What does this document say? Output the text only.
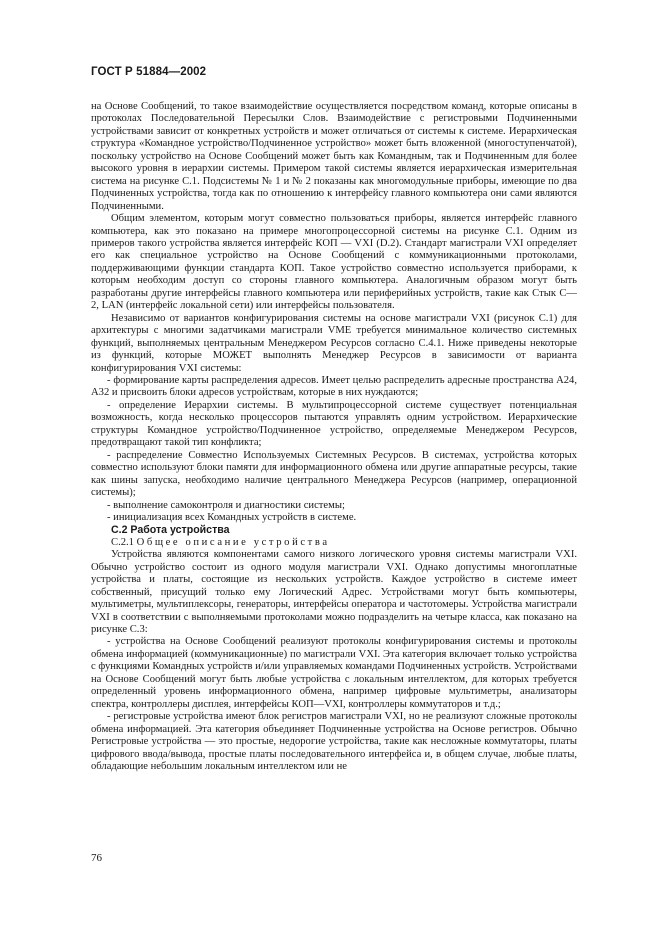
ГОСТ Р 51884—2002

на Основе Сообщений, то такое взаимодействие осуществляется посредством команд, которые описаны в протоколах Последовательной Пересылки Слов. Взаимодействие с регистровыми Подчиненными устройствами зависит от конкретных устройств и может отличаться от системы к системе. Иерархическая структура «Командное устройство/Подчиненное устройство» может быть вложенной (многоступенчатой), поскольку устройство на Основе Сообщений может быть как Командным, так и Подчиненным для более высокого уровня в иерархии системы. Примером такой системы является иерархическая измерительная система на рисунке С.1. Подсистемы № 1 и № 2 показаны как многомодульные приборы, имеющие по два Подчиненных устройства, тогда как по отношению к интерфейсу главного компьютера они сами являются Подчиненными.

Общим элементом, которым могут совместно пользоваться приборы, является интерфейс главного компьютера, как это показано на примере многопроцессорной системы на рисунке С.1. Одним из примеров такого устройства является интерфейс КОП — VXI (D.2). Стандарт магистрали VXI определяет его как специальное устройство на Основе Сообщений с коммуникационными протоколами, поддерживающими функции стандарта КОП. Такое устройство совместно используется приборами, к которым необходим доступ со стороны главного компьютера. Аналогичным образом могут быть разработаны другие интерфейсы главного компьютера или периферийных устройств, такие как Стык С—2, LAN (интерфейс локальной сети) или интерфейсы пользователя.

Независимо от вариантов конфигурирования системы на основе магистрали VXI (рисунок С.1) для архитектуры с многими задатчиками магистрали VME требуется минимальное количество системных функций, выполняемых центральным Менеджером Ресурсов согласно С.4.1. Ниже приведены некоторые из функций, которые МОЖЕТ выполнять Менеджер Ресурсов в зависимости от варианта конфигурирования VXI системы:

- формирование карты распределения адресов. Имеет целью распределить адресные пространства А24, А32 и присвоить блоки адресов устройствам, которые в них нуждаются;

- определение Иерархии системы. В мультипроцессорной системе существует потенциальная возможность, когда несколько процессоров пытаются управлять одним устройством. Иерархические структуры Командное устройство/Подчиненное устройство, определяемые Менеджером Ресурсов, предотвращают такой тип конфликта;

- распределение Совместно Используемых Системных Ресурсов. В системах, устройства которых совместно используют блоки памяти для информационного обмена или другие аппаратные ресурсы, такие как шины запуска, необходимо наличие центрального Менеджера Ресурсов (например, операционной системы);

- выполнение самоконтроля и диагностики системы;

- инициализация всех Командных устройств в системе.

С.2 Работа устройства

С.2.1 Общее описание устройства

Устройства являются компонентами самого низкого логического уровня системы магистрали VXI. Обычно устройство состоит из одного модуля магистрали VXI. Однако допустимы многоплатные устройства и платы, состоящие из нескольких устройств. Каждое устройство в системе имеет собственный, присущий только ему Логический Адрес. Устройствами могут быть компьютеры, мультиметры, мультиплексоры, генераторы, интерфейсы оператора и частотомеры. Устройства магистрали VXI в соответствии с выполняемыми протоколами можно подразделить на четыре класса, как показано на рисунке С.3:

- устройства на Основе Сообщений реализуют протоколы конфигурирования системы и протоколы обмена информацией (коммуникационные) по магистрали VXI. Эта категория включает только устройства с функциями Командных устройств и/или управляемых командами Подчиненных устройств. Устройствами на Основе Сообщений могут быть любые устройства с локальным интеллектом, для которых требуется определенный уровень информационного обмена, например цифровые мультиметры, анализаторы спектра, контроллеры дисплея, интерфейсы КОП—VXI, контроллеры коммутаторов и т.д.;

- регистровые устройства имеют блок регистров магистрали VXI, но не реализуют сложные протоколы обмена информацией. Эта категория объединяет Подчиненные устройства на Основе регистров. Обычно Регистровые устройства — это простые, недорогие устройства, такие как несложные коммутаторы, платы цифрового ввода/вывода, простые платы последовательного интерфейса и, в общем случае, любые платы, обладающие небольшим локальным интеллектом или не

76
